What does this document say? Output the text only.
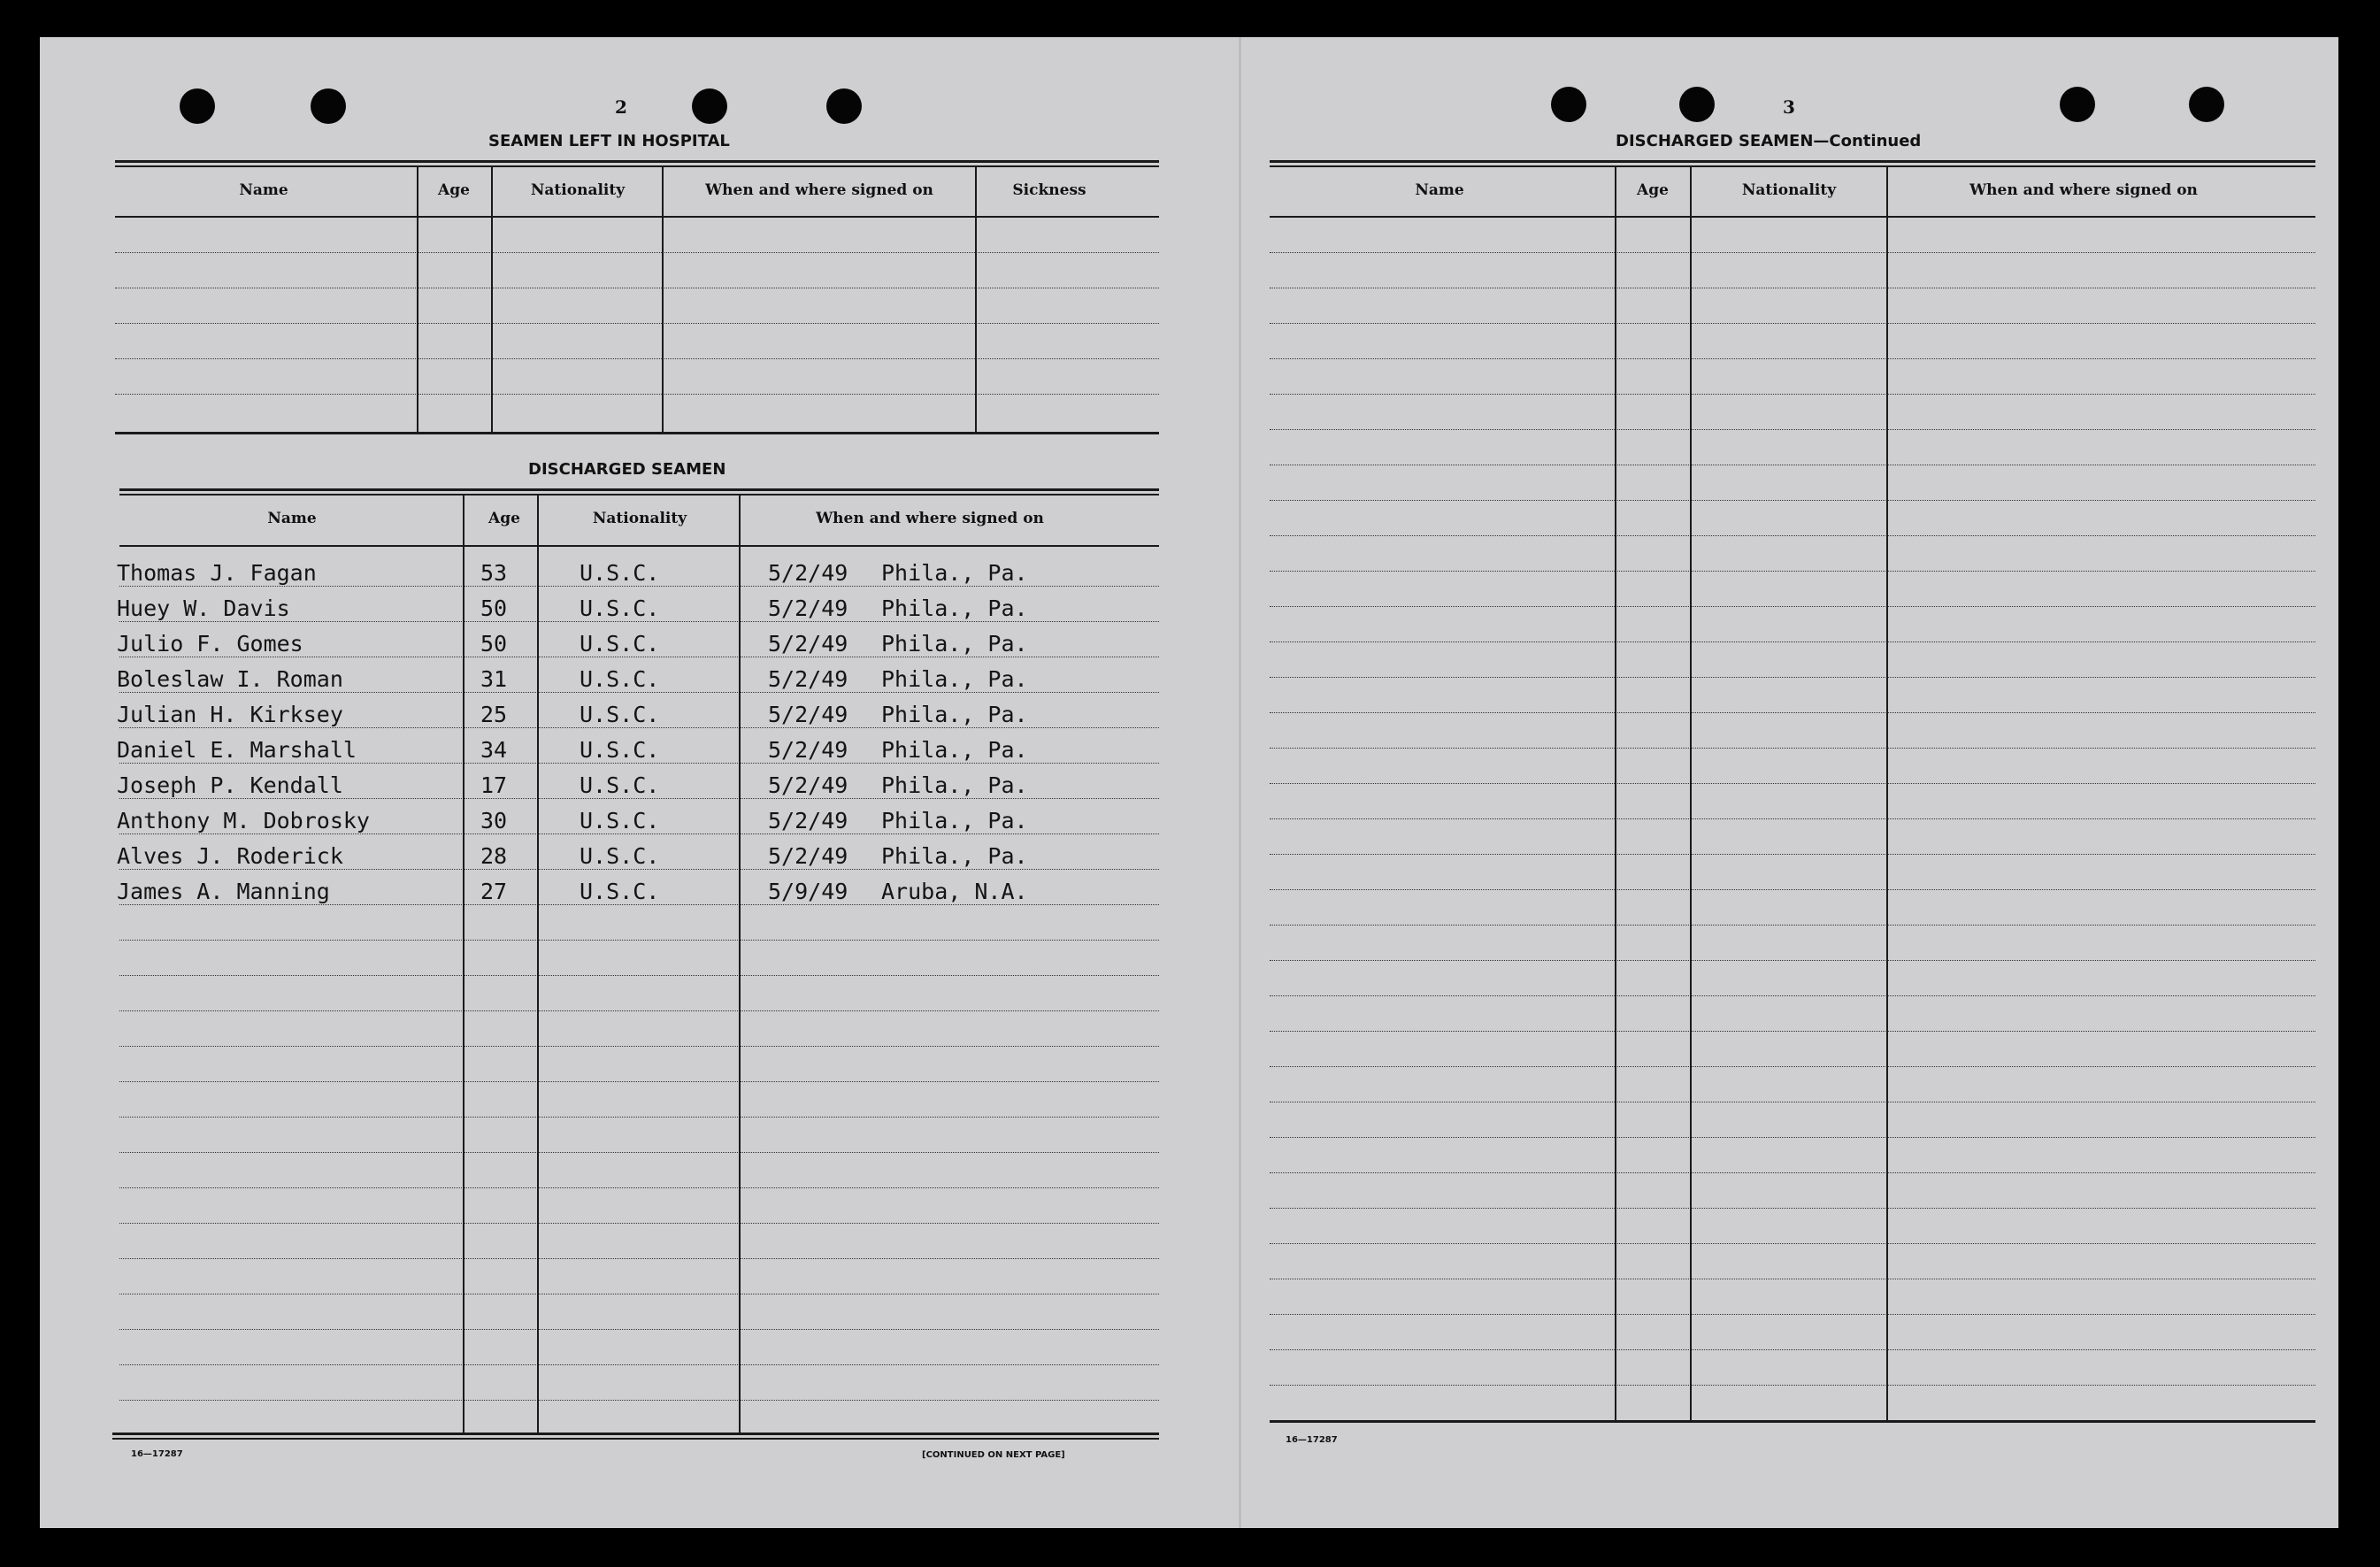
2
SEAMEN LEFT IN HOSPITAL
Name	Age	Nationality	When and where signed on	Sickness
DISCHARGED SEAMEN
Name	Age	Nationality	When and where signed on
Thomas J. Fagan	53	U.S.C.	5/2/49 Phila., Pa.
Huey W. Davis	50	U.S.C.	5/2/49 Phila., Pa.
Julio F. Gomes	50	U.S.C.	5/2/49 Phila., Pa.
Boleslaw I. Roman	31	U.S.C.	5/2/49 Phila., Pa.
Julian H. Kirksey	25	U.S.C.	5/2/49 Phila., Pa.
Daniel E. Marshall	34	U.S.C.	5/2/49 Phila., Pa.
Joseph P. Kendall	17	U.S.C.	5/2/49 Phila., Pa.
Anthony M. Dobrosky	30	U.S.C.	5/2/49 Phila., Pa.
Alves J. Roderick	28	U.S.C.	5/2/49 Phila., Pa.
James A. Manning	27	U.S.C.	5/9/49 Aruba, N.A.
16—17287	[CONTINUED ON NEXT PAGE]
3
DISCHARGED SEAMEN—Continued
Name	Age	Nationality	When and where signed on
16—17287
